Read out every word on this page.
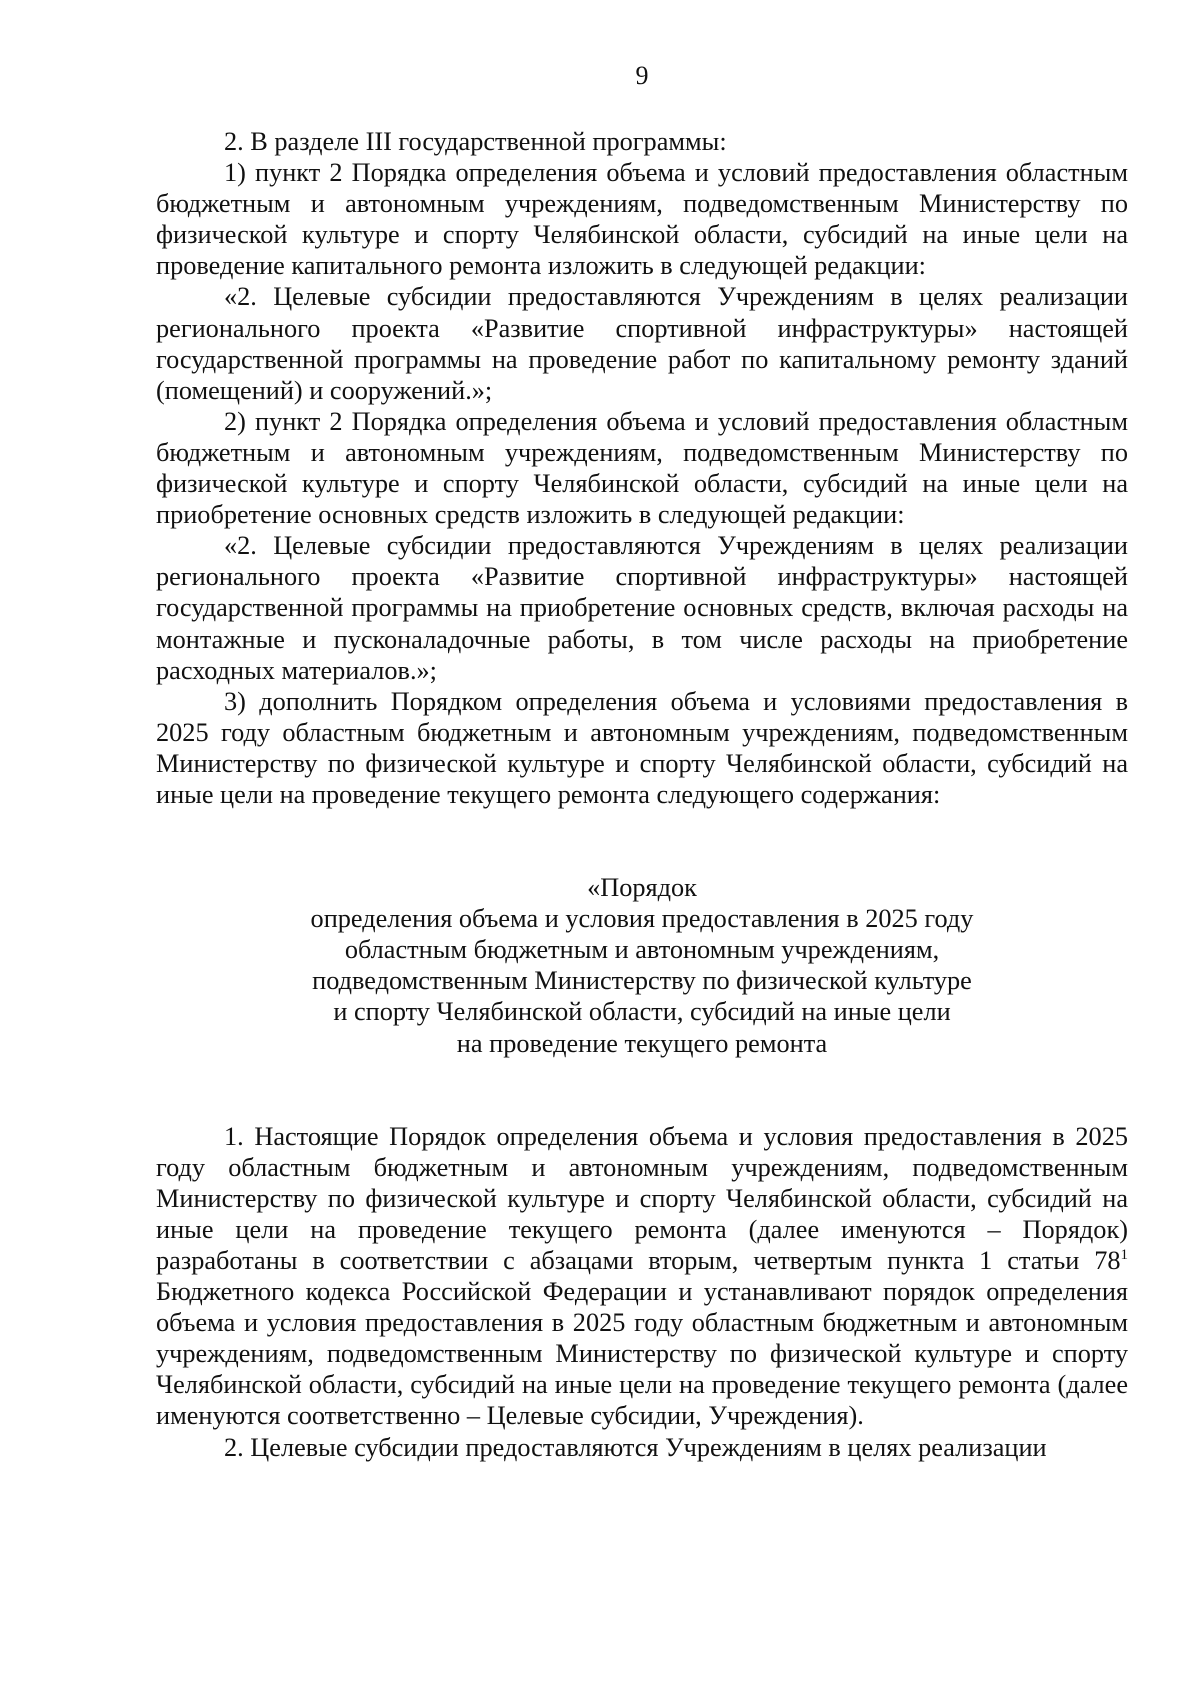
9

2. В разделе III государственной программы:

1) пункт 2 Порядка определения объема и условий предоставления областным бюджетным и автономным учреждениям, подведомственным Министерству по физической культуре и спорту Челябинской области, субсидий на иные цели на проведение капитального ремонта изложить в следующей редакции:

«2. Целевые субсидии предоставляются Учреждениям в целях реализации регионального проекта «Развитие спортивной инфраструктуры» настоящей государственной программы на проведение работ по капитальному ремонту зданий (помещений) и сооружений.»;

2) пункт 2 Порядка определения объема и условий предоставления областным бюджетным и автономным учреждениям, подведомственным Министерству по физической культуре и спорту Челябинской области, субсидий на иные цели на приобретение основных средств изложить в следующей редакции:

«2. Целевые субсидии предоставляются Учреждениям в целях реализации регионального проекта «Развитие спортивной инфраструктуры» настоящей государственной программы на приобретение основных средств, включая расходы на монтажные и пусконаладочные работы, в том числе расходы на приобретение расходных материалов.»;

3) дополнить Порядком определения объема и условиями предоставления в 2025 году областным бюджетным и автономным учреждениям, подведомственным Министерству по физической культуре и спорту Челябинской области, субсидий на иные цели на проведение текущего ремонта следующего содержания:

«Порядок
определения объема и условия предоставления в 2025 году
областным бюджетным и автономным учреждениям,
подведомственным Министерству по физической культуре
и спорту Челябинской области, субсидий на иные цели
на проведение текущего ремонта

1. Настоящие Порядок определения объема и условия предоставления в 2025 году областным бюджетным и автономным учреждениям, подведомственным Министерству по физической культуре и спорту Челябинской области, субсидий на иные цели на проведение текущего ремонта (далее именуются – Порядок) разработаны в соответствии с абзацами вторым, четвертым пункта 1 статьи $78^1$ Бюджетного кодекса Российской Федерации и устанавливают порядок определения объема и условия предоставления в 2025 году областным бюджетным и автономным учреждениям, подведомственным Министерству по физической культуре и спорту Челябинской области, субсидий на иные цели на проведение текущего ремонта (далее именуются соответственно – Целевые субсидии, Учреждения).

2. Целевые субсидии предоставляются Учреждениям в целях реализации
